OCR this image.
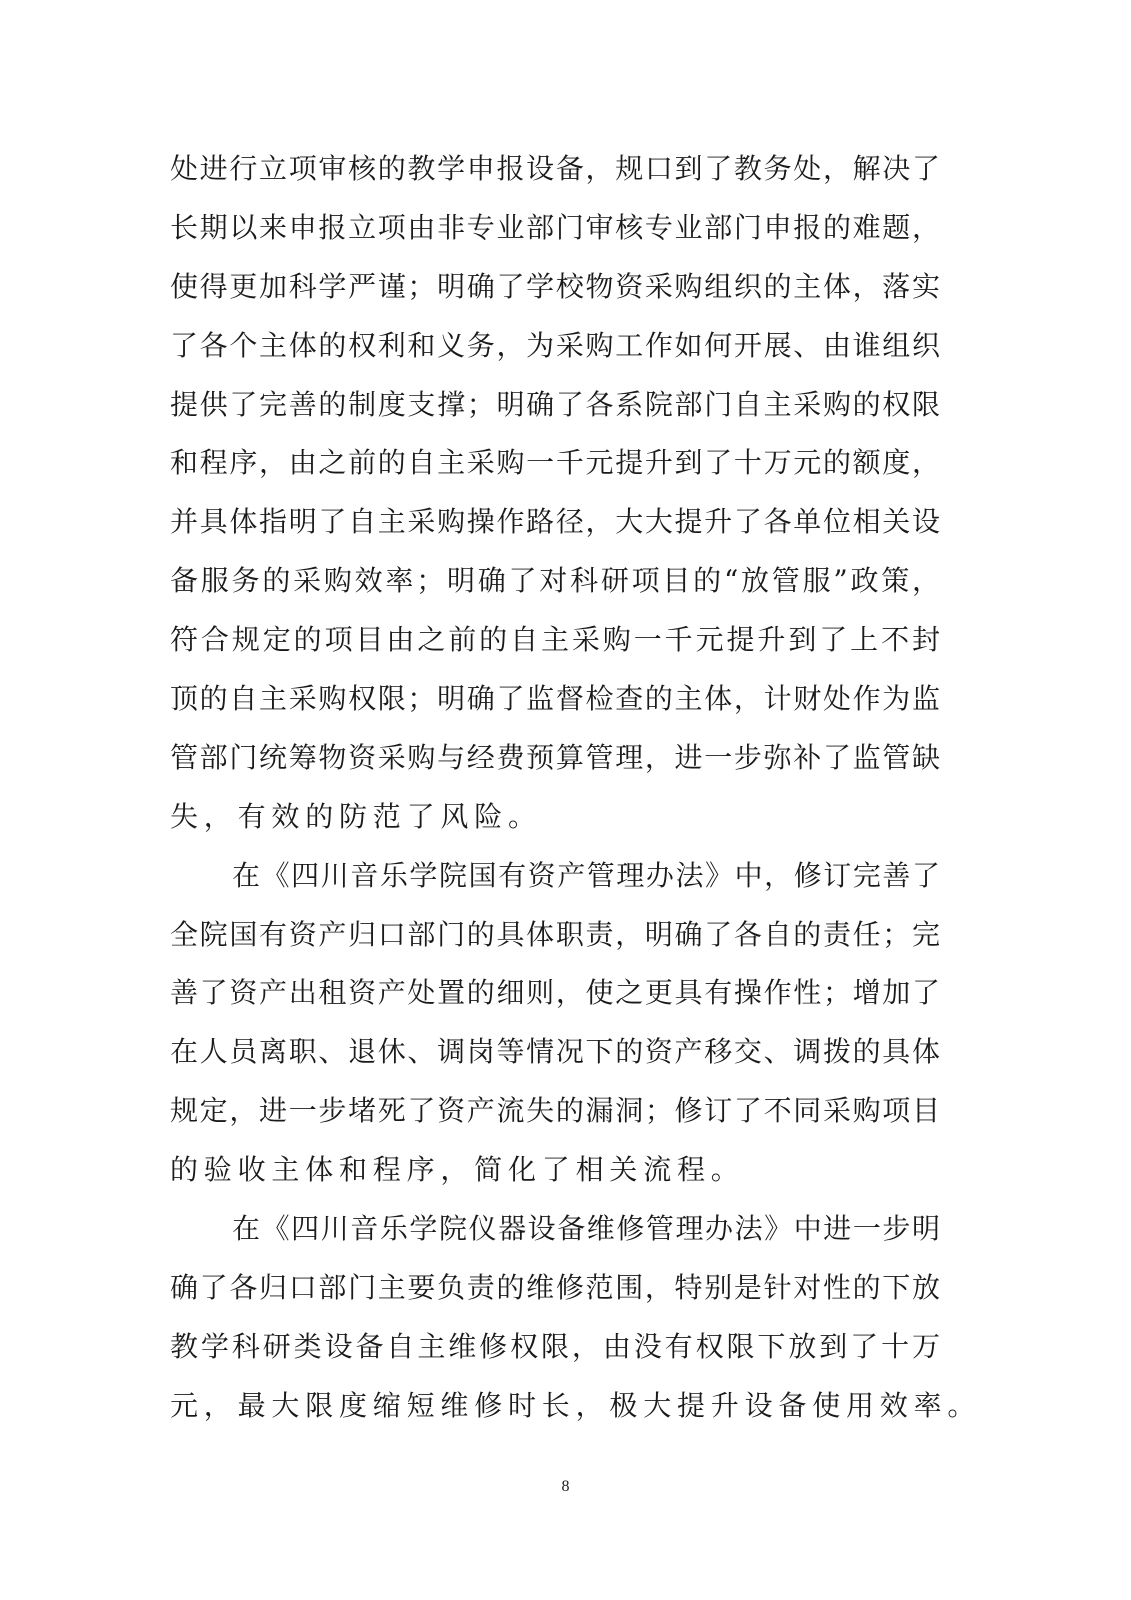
处进行立项审核的教学申报设备，规口到了教务处，解决了
长期以来申报立项由非专业部门审核专业部门申报的难题，
使得更加科学严谨；明确了学校物资采购组织的主体，落实
了各个主体的权利和义务，为采购工作如何开展、由谁组织
提供了完善的制度支撑；明确了各系院部门自主采购的权限
和程序，由之前的自主采购一千元提升到了十万元的额度，
并具体指明了自主采购操作路径，大大提升了各单位相关设
备服务的采购效率；明确了对科研项目的“放管服”政策，
符合规定的项目由之前的自主采购一千元提升到了上不封
顶的自主采购权限；明确了监督检查的主体，计财处作为监
管部门统筹物资采购与经费预算管理，进一步弥补了监管缺
失，有效的防范了风险。
在《四川音乐学院国有资产管理办法》中，修订完善了
全院国有资产归口部门的具体职责，明确了各自的责任；完
善了资产出租资产处置的细则，使之更具有操作性；增加了
在人员离职、退休、调岗等情况下的资产移交、调拨的具体
规定，进一步堵死了资产流失的漏洞；修订了不同采购项目
的验收主体和程序，简化了相关流程。
在《四川音乐学院仪器设备维修管理办法》中进一步明
确了各归口部门主要负责的维修范围，特别是针对性的下放
教学科研类设备自主维修权限，由没有权限下放到了十万
元，最大限度缩短维修时长，极大提升设备使用效率。
8
